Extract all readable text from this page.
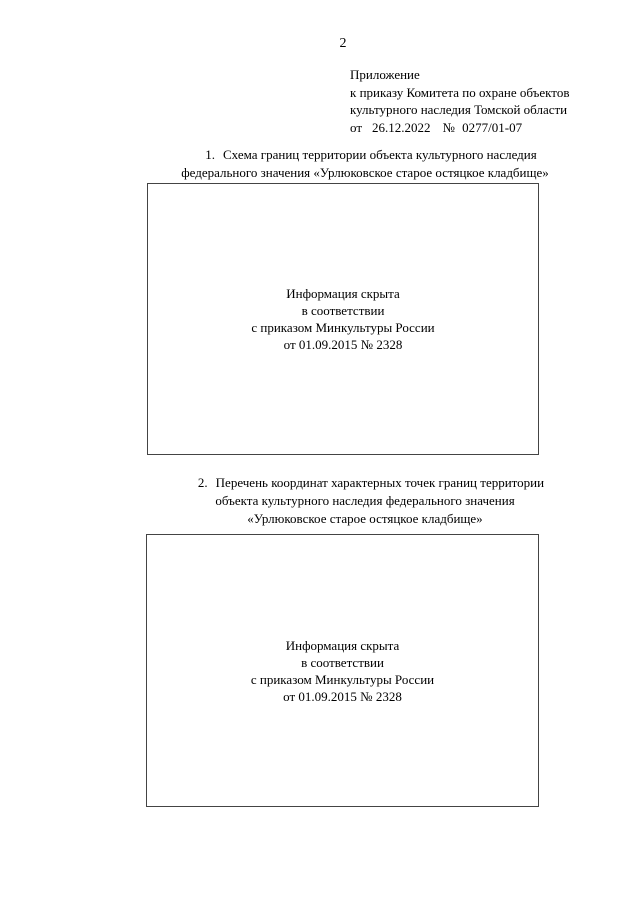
2
Приложение
к приказу Комитета по охране объектов
культурного наследия Томской области
от 26.12.2022 № 0277/01-07
1. Схема границ территории объекта культурного наследия
федерального значения «Урлюковское старое остяцкое кладбище»
Информация скрыта
в соответствии
с приказом Минкультуры России
от 01.09.2015 № 2328
2. Перечень координат характерных точек границ территории
объекта культурного наследия федерального значения
«Урлюковское старое остяцкое кладбище»
Информация скрыта
в соответствии
с приказом Минкультуры России
от 01.09.2015 № 2328
